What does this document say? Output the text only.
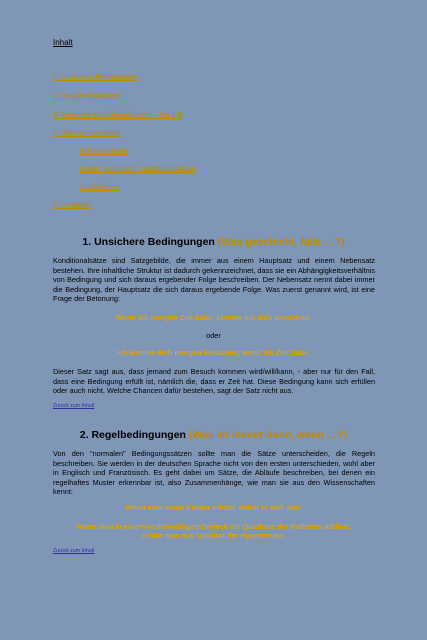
Inhalt
1. Unsichere Bedingungen
2. Regelbedingungen
3. Arten von Konditionalsätzen – Typ 1-3
4. Zeitenverwendung
in Regelsätzen
in den "normalen" Konditionalsätzen
Zusätzliches
5. Lerntipps
1. Unsichere Bedingungen (Was geschieht, falls …?)
Konditionalsätze sind Satzgebilde, die immer aus einem Hauptsatz und einem Nebensatz bestehen. Ihre inhaltliche Struktur ist dadurch gekennzeichnet, dass sie ein Abhängigkeitsverhältnis von Bedingung und sich daraus ergebender Folge beschreiben. Der Nebensatz nennt dabei immer die Bedingung, der Hauptsatz die sich daraus ergebende Folge. Was zuerst genannt wird, ist eine Frage der Betonung:
Wenn ich morgen Zeit habe, komme ich dich besuchen.
oder
Ich komme dich morgen besuchen, wenn ich Zeit habe.
Dieser Satz sagt aus, dass jemand zum Besuch kommen wird/will/kann, - aber nur für den Fall, dass eine Bedingung erfüllt ist, nämlich die, dass er Zeit hat. Diese Bedingung kann sich erfüllen oder auch nicht. Welche Chancen dafür bestehen, sagt der Satz nicht aus.
Zurück zum Inhalt
2. Regelbedingungen (Was ist immer dann, wenn …?)
Von den "normalen" Bedingungssätzen sollte man die Sätze unterscheiden, die Regeln beschreiben. Sie werden in der deutschen Sprache nicht von den ersten unterschieden, wohl aber in Englisch und Französisch. Es geht dabei um Sätze, die Abläufe beschreiben, bei denen ein regelhaftes Muster erkennbar ist, also Zusammenhänge, wie man sie aus den Wissenschaften kennt:
Wenn man einen Körper erhitzt, dehnt er sich aus.
Wenn man in einem rechtwinkligen Dreieck die Quadrate der Katheten addiert,
erhält man das Quadrat der Hypotenuse.
Zurück zum Inhalt
